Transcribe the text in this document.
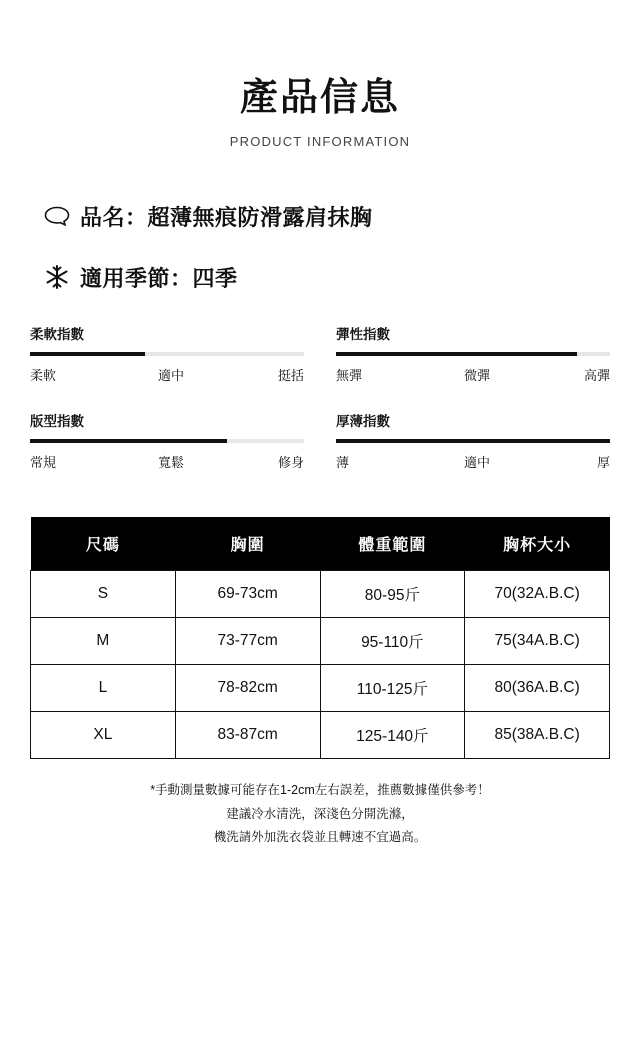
產品信息
PRODUCT INFORMATION
品名：超薄無痕防滑露肩抹胸
適用季節：四季
柔軟指數
柔軟	適中	挺括
彈性指數
無彈	微彈	高彈
版型指數
常規	寬鬆	修身
厚薄指數
薄	適中	厚
尺碼	胸圍	體重範圍	胸杯大小
S	69-73cm	80-95斤	70(32A.B.C)
M	73-77cm	95-110斤	75(34A.B.C)
L	78-82cm	110-125斤	80(36A.B.C)
XL	83-87cm	125-140斤	85(38A.B.C)
*手動測量數據可能存在1-2cm左右誤差，推薦數據僅供參考！
建議冷水清洗，深淺色分開洗滌，
機洗請外加洗衣袋並且轉速不宜過高。
